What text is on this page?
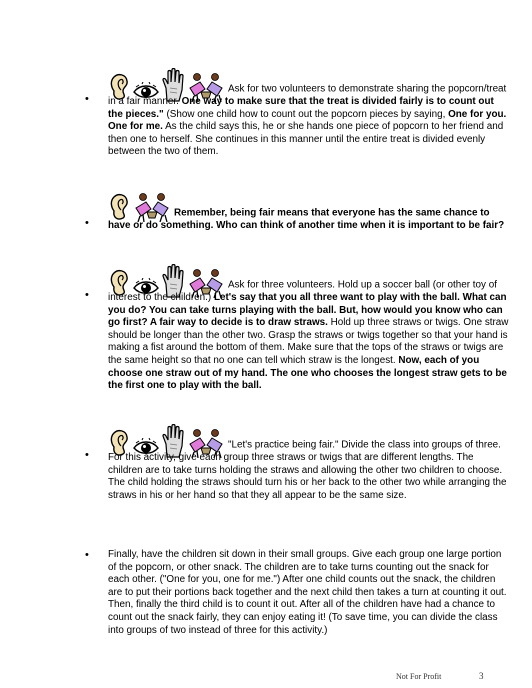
•

Ask for two volunteers to demonstrate sharing the popcorn/treat in a fair manner. One way to make sure that the treat is divided fairly is to count out the pieces." (Show one child how to count out the popcorn pieces by saying, One for you. One for me. As the child says this, he or she hands one piece of popcorn to her friend and then one to herself. She continues in this manner until the entire treat is divided evenly between the two of them.

•

Remember, being fair means that everyone has the same chance to have or do something. Who can think of another time when it is important to be fair?

•

Ask for three volunteers. Hold up a soccer ball (or other toy of interest to the children.) Let's say that you all three want to play with the ball. What can you do? You can take turns playing with the ball. But, how would you know who can go first? A fair way to decide is to draw straws. Hold up three straws or twigs. One straw should be longer than the other two. Grasp the straws or twigs together so that your hand is making a fist around the bottom of them. Make sure that the tops of the straws or twigs are the same height so that no one can tell which straw is the longest. Now, each of you choose one straw out of my hand. The one who chooses the longest straw gets to be the first one to play with the ball.

•

"Let's practice being fair." Divide the class into groups of three. For this activity, give each group three straws or twigs that are different lengths. The children are to take turns holding the straws and allowing the other two children to choose. The child holding the straws should turn his or her back to the other two while arranging the straws in his or her hand so that they all appear to be the same size.

•	Finally, have the children sit down in their small groups. Give each group one large portion of the popcorn, or other snack. The children are to take turns counting out the snack for each other. ("One for you, one for me.") After one child counts out the snack, the children are to put their portions back together and the next child then takes a turn at counting it out. Then, finally the third child is to count it out. After all of the children have had a chance to count out the snack fairly, they can enjoy eating it! (To save time, you can divide the class into groups of two instead of three for this activity.)

Not For Profit	3
